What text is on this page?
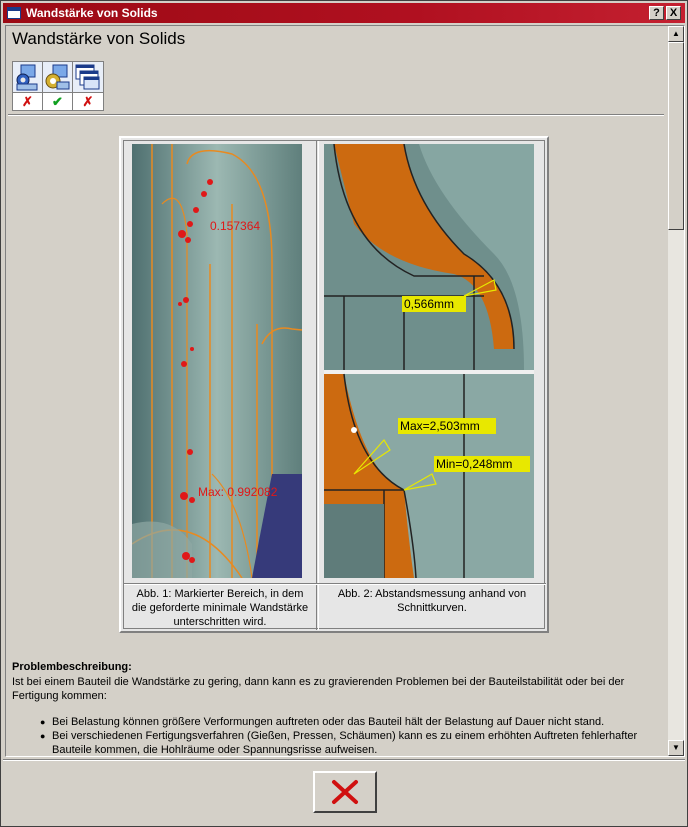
Wandstärke von Solids	? X
Wandstärke von Solids
✗	✔	✗
0.157364
Max: 0.992082
0,566mm
Max=2,503mm
Min=0,248mm
Abb. 1: Markierter Bereich, in dem die geforderte minimale Wandstärke unterschritten wird.
Abb. 2: Abstandsmessung anhand von Schnittkurven.
Problembeschreibung:
Ist bei einem Bauteil die Wandstärke zu gering, dann kann es zu gravierenden Problemen bei der Bauteilstabilität oder bei der Fertigung kommen:
● Bei Belastung können größere Verformungen auftreten oder das Bauteil hält der Belastung auf Dauer nicht stand.
● Bei verschiedenen Fertigungsverfahren (Gießen, Pressen, Schäumen) kann es zu einem erhöhten Auftreten fehlerhafter Bauteile kommen, die Hohlräume oder Spannungsrisse aufweisen.
▲
▼
